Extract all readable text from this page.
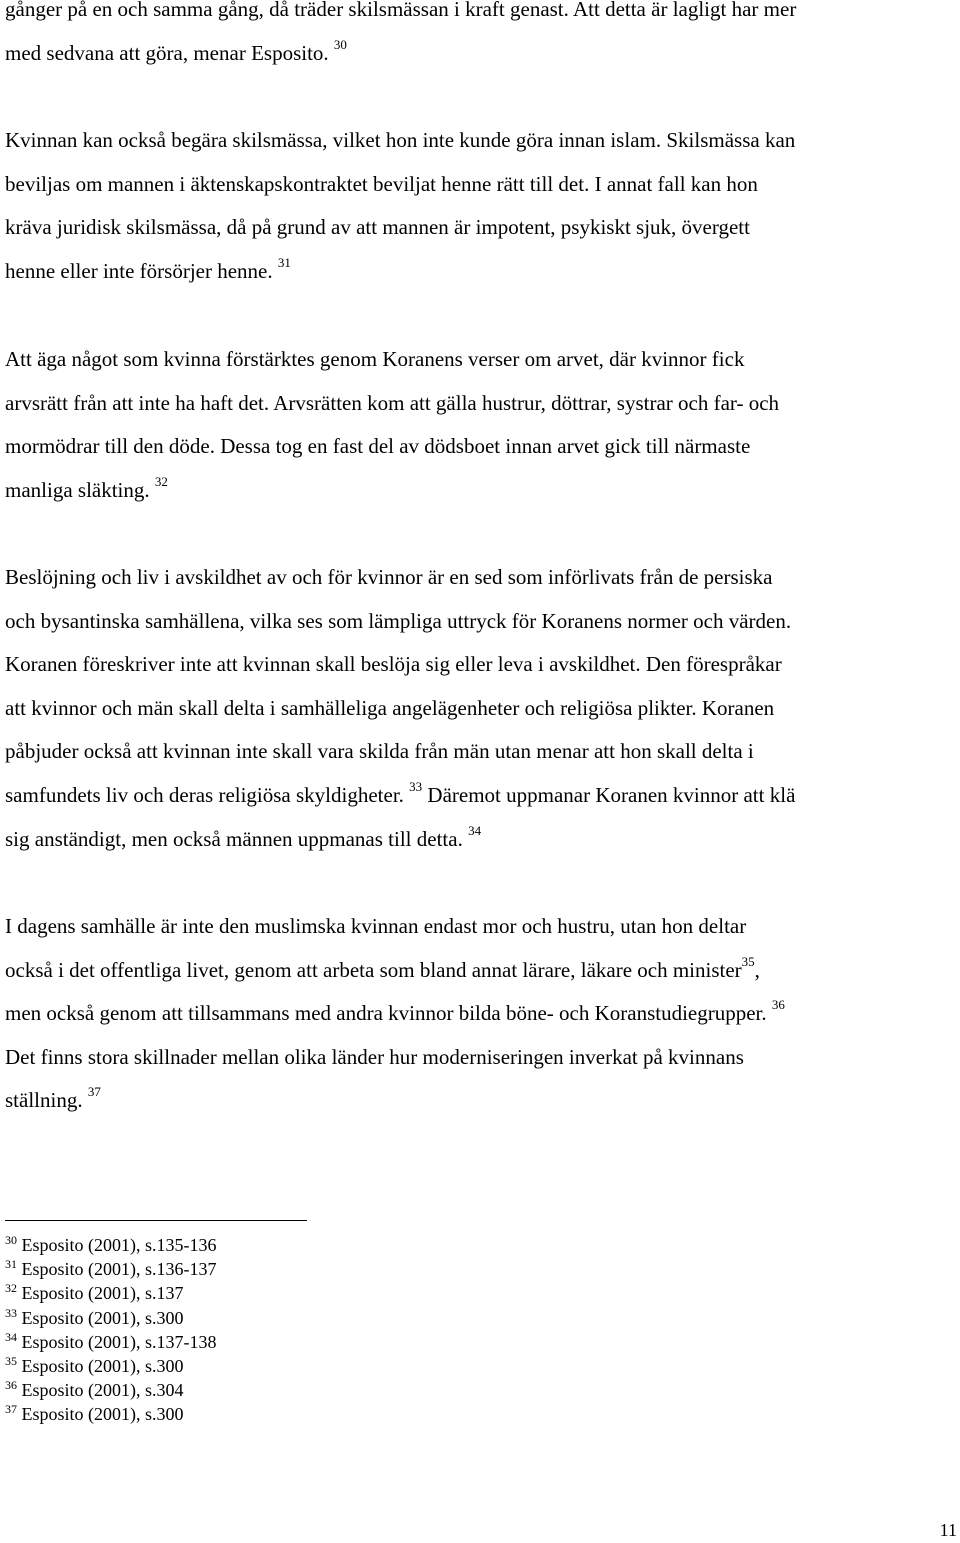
gånger på en och samma gång, då träder skilsmässan i kraft genast. Att detta är lagligt har mer
med sedvana att göra, menar Esposito. $^{30}$
Kvinnan kan också begära skilsmässa, vilket hon inte kunde göra innan islam. Skilsmässa kan
beviljas om mannen i äktenskapskontraktet beviljat henne rätt till det. I annat fall kan hon
kräva juridisk skilsmässa, då på grund av att mannen är impotent, psykiskt sjuk, övergett
henne eller inte försörjer henne. $^{31}$
Att äga något som kvinna förstärktes genom Koranens verser om arvet, där kvinnor fick
arvsrätt från att inte ha haft det. Arvsrätten kom att gälla hustrur, döttrar, systrar och far- och
mormödrar till den döde. Dessa tog en fast del av dödsboet innan arvet gick till närmaste
manliga släkting. $^{32}$
Beslöjning och liv i avskildhet av och för kvinnor är en sed som införlivats från de persiska
och bysantinska samhällena, vilka ses som lämpliga uttryck för Koranens normer och värden.
Koranen föreskriver inte att kvinnan skall beslöja sig eller leva i avskildhet. Den förespråkar
att kvinnor och män skall delta i samhälleliga angelägenheter och religiösa plikter. Koranen
påbjuder också att kvinnan inte skall vara skilda från män utan menar att hon skall delta i
samfundets liv och deras religiösa skyldigheter. $^{33}$ Däremot uppmanar Koranen kvinnor att klä
sig anständigt, men också männen uppmanas till detta. $^{34}$
I dagens samhälle är inte den muslimska kvinnan endast mor och hustru, utan hon deltar
också i det offentliga livet, genom att arbeta som bland annat lärare, läkare och minister$^{35}$,
men också genom att tillsammans med andra kvinnor bilda böne- och Koranstudiegrupper. $^{36}$
Det finns stora skillnader mellan olika länder hur moderniseringen inverkat på kvinnans
ställning. $^{37}$
$^{30}$ Esposito (2001), s.135-136
$^{31}$ Esposito (2001), s.136-137
$^{32}$ Esposito (2001), s.137
$^{33}$ Esposito (2001), s.300
$^{34}$ Esposito (2001), s.137-138
$^{35}$ Esposito (2001), s.300
$^{36}$ Esposito (2001), s.304
$^{37}$ Esposito (2001), s.300
11
